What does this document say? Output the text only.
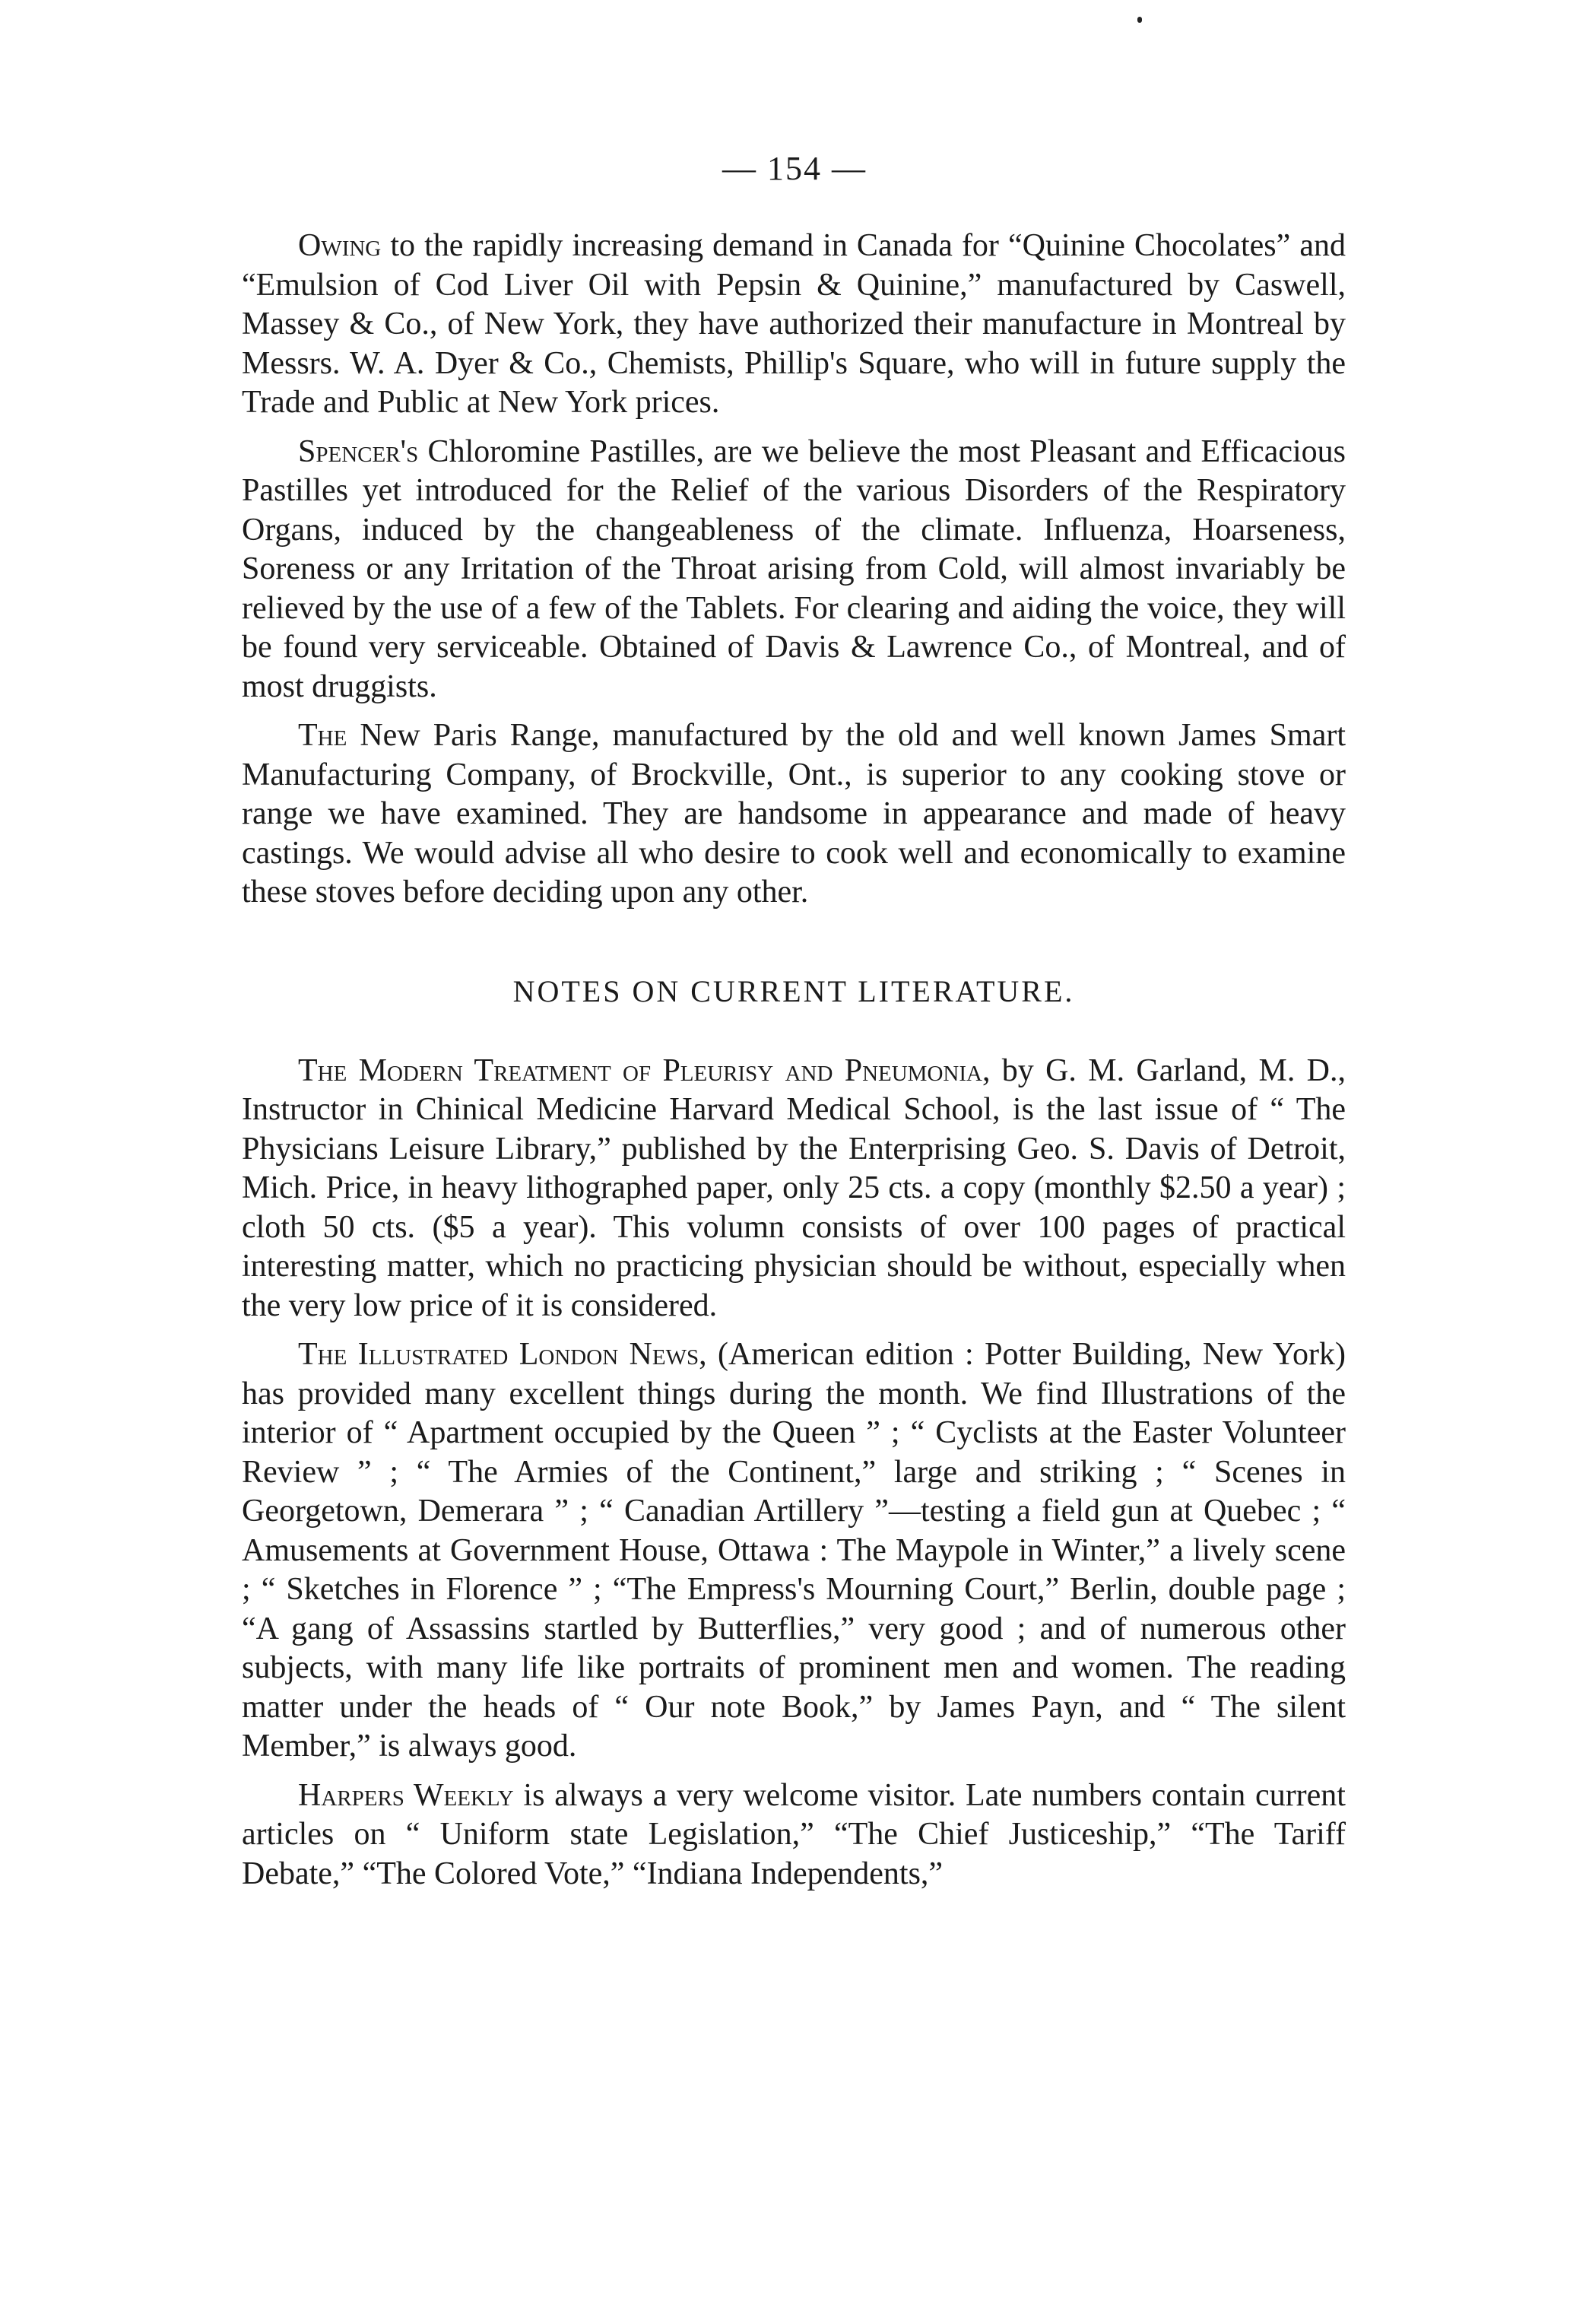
— 154 —

Owing to the rapidly increasing demand in Canada for “Quinine Chocolates” and “Emulsion of Cod Liver Oil with Pepsin & Quinine,” manufactured by Caswell, Massey & Co., of New York, they have authorized their manufacture in Montreal by Messrs. W. A. Dyer & Co., Chemists, Phillip's Square, who will in future supply the Trade and Public at New York prices.

Spencer's Chloromine Pastilles, are we believe the most Pleasant and Efficacious Pastilles yet introduced for the Relief of the various Disorders of the Respiratory Organs, induced by the changeableness of the climate. Influenza, Hoarseness, Soreness or any Irritation of the Throat arising from Cold, will almost invariably be relieved by the use of a few of the Tablets. For clearing and aiding the voice, they will be found very serviceable. Obtained of Davis & Lawrence Co., of Montreal, and of most druggists.

The New Paris Range, manufactured by the old and well known James Smart Manufacturing Company, of Brockville, Ont., is superior to any cooking stove or range we have examined. They are handsome in appearance and made of heavy castings. We would advise all who desire to cook well and economically to examine these stoves before deciding upon any other.

NOTES ON CURRENT LITERATURE.

The Modern Treatment of Pleurisy and Pneumonia, by G. M. Garland, M. D., Instructor in Chinical Medicine Harvard Medical School, is the last issue of “ The Physicians Leisure Library,” published by the Enterprising Geo. S. Davis of Detroit, Mich. Price, in heavy lithographed paper, only 25 cts. a copy (monthly $2.50 a year) ; cloth 50 cts. ($5 a year). This volumn consists of over 100 pages of practical interesting matter, which no practicing physician should be without, especially when the very low price of it is considered.

The Illustrated London News, (American edition : Potter Building, New York) has provided many excellent things during the month. We find Illustrations of the interior of “ Apartment occupied by the Queen ” ; “ Cyclists at the Easter Volunteer Review ” ; “ The Armies of the Continent,” large and striking ; “ Scenes in Georgetown, Demerara ” ; “ Canadian Artillery ”—testing a field gun at Quebec ; “ Amusements at Government House, Ottawa : The Maypole in Winter,” a lively scene ; “ Sketches in Florence ” ; “The Empress's Mourning Court,” Berlin, double page ; “A gang of Assassins startled by Butterflies,” very good ; and of numerous other subjects, with many life like portraits of prominent men and women. The reading matter under the heads of “ Our note Book,” by James Payn, and “ The silent Member,” is always good.

Harpers Weekly is always a very welcome visitor. Late numbers contain current articles on “ Uniform state Legislation,” “The Chief Justiceship,” “The Tariff Debate,” “The Colored Vote,” “Indiana Independents,”
